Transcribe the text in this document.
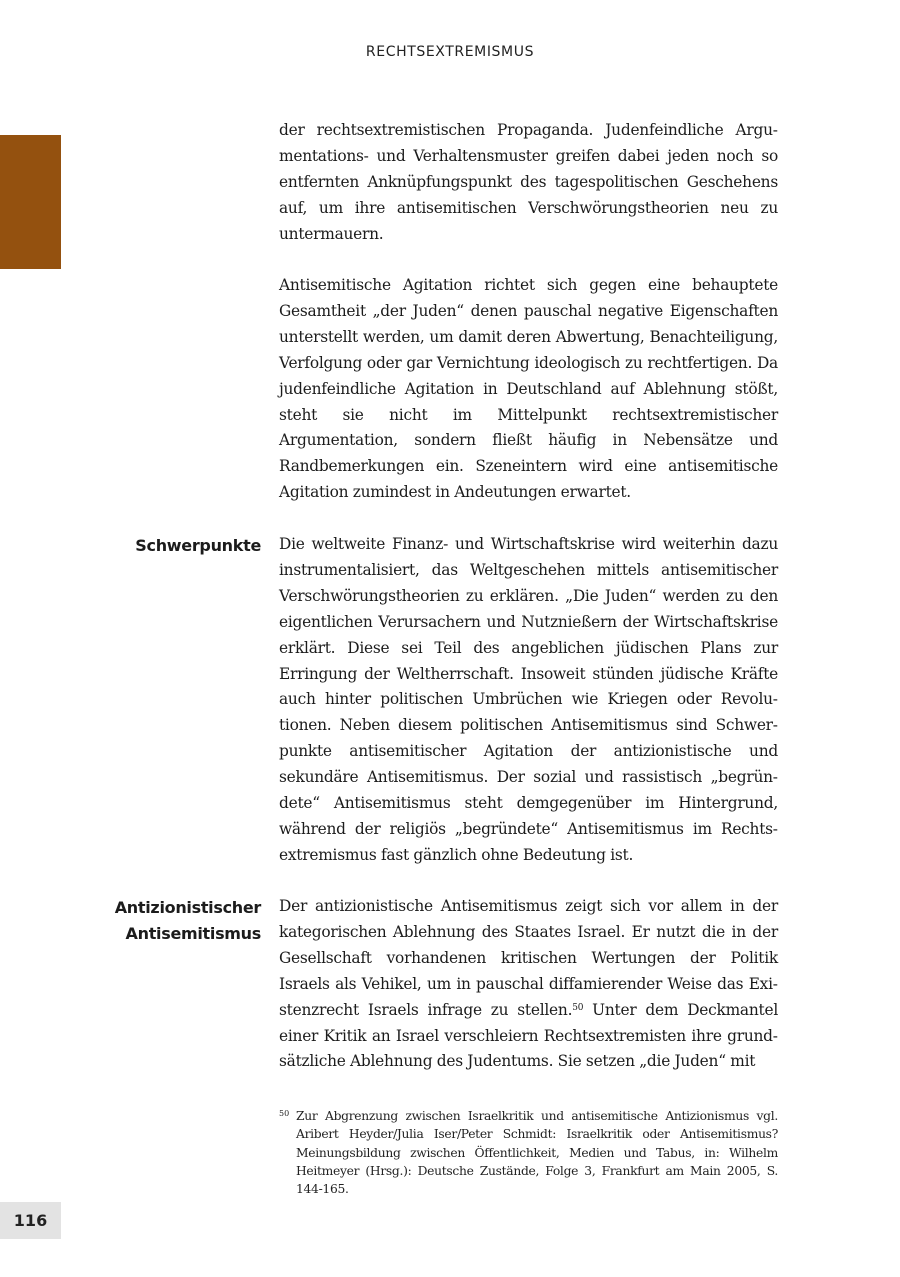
RECHTSEXTREMISMUS

der rechtsextremistischen Propaganda. Judenfeindliche Argumentations- und Verhaltensmuster greifen dabei jeden noch so entfernten Anknüpfungspunkt des tagespolitischen Geschehens auf, um ihre antisemitischen Verschwörungstheorien neu zu untermauern.

Antisemitische Agitation richtet sich gegen eine behauptete Gesamtheit „der Juden“ denen pauschal negative Eigenschaften unterstellt werden, um damit deren Abwertung, Benachteiligung, Verfolgung oder gar Vernichtung ideologisch zu rechtfertigen. Da judenfeindliche Agitation in Deutschland auf Ablehnung stößt, steht sie nicht im Mittelpunkt rechtsextremistischer Argumentation, sondern fließt häufig in Nebensätze und Randbemerkungen ein. Szeneintern wird eine antisemitische Agitation zumindest in Andeutungen erwartet.

Schwerpunkte Die weltweite Finanz- und Wirtschaftskrise wird weiterhin dazu instrumentalisiert, das Weltgeschehen mittels antisemitischer Verschwörungstheorien zu erklären. „Die Juden“ werden zu den eigentlichen Verursachern und Nutznießern der Wirtschaftskrise erklärt. Diese sei Teil des angeblichen jüdischen Plans zur Erringung der Weltherrschaft. Insoweit stünden jüdische Kräfte auch hinter politischen Umbrüchen wie Kriegen oder Revolutionen. Neben diesem politischen Antisemitismus sind Schwerpunkte antisemitischer Agitation der antizionistische und sekundäre Antisemitismus. Der sozial und rassistisch „begründete“ Antisemitismus steht demgegenüber im Hintergrund, während der religiös „begründete“ Antisemitismus im Rechtsextremismus fast gänzlich ohne Bedeutung ist.

Antizionistischer
Antisemitismus

Der antizionistische Antisemitismus zeigt sich vor allem in der kategorischen Ablehnung des Staates Israel. Er nutzt die in der Gesellschaft vorhandenen kritischen Wertungen der Politik Israels als Vehikel, um in pauschal diffamierender Weise das Existenzrecht Israels infrage zu stellen.$^{50}$ Unter dem Deckmantel einer Kritik an Israel verschleiern Rechtsextremisten ihre grundsätzliche Ablehnung des Judentums. Sie setzen „die Juden“ mit

50 Zur Abgrenzung zwischen Israelkritik und antisemitische Antizionismus vgl. Aribert Heyder/Julia Iser/Peter Schmidt: Israelkritik oder Antisemitismus? Meinungsbildung zwischen Öffentlichkeit, Medien und Tabus, in: Wilhelm Heitmeyer (Hrsg.): Deutsche Zustände, Folge 3, Frankfurt am Main 2005, S. 144-165.

116
